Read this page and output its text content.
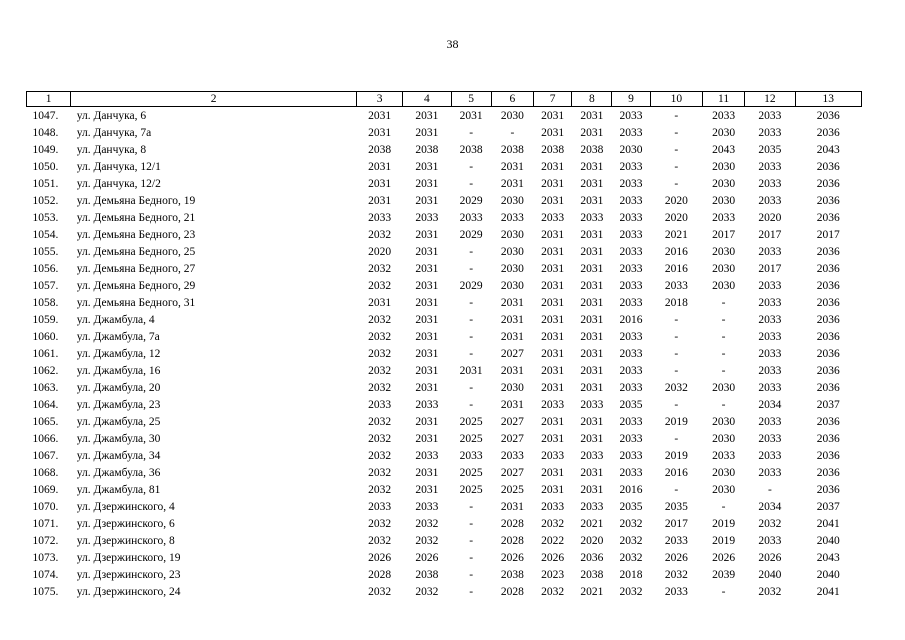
38
1	2	3	4	5	6	7	8	9	10	11	12	13
1047.	ул. Данчука, 6	2031	2031	2031	2030	2031	2031	2033	-	2033	2033	2036
1048.	ул. Данчука, 7а	2031	2031	-	-	2031	2031	2033	-	2030	2033	2036
1049.	ул. Данчука, 8	2038	2038	2038	2038	2038	2038	2030	-	2043	2035	2043
1050.	ул. Данчука, 12/1	2031	2031	-	2031	2031	2031	2033	-	2030	2033	2036
1051.	ул. Данчука, 12/2	2031	2031	-	2031	2031	2031	2033	-	2030	2033	2036
1052.	ул. Демьяна Бедного, 19	2031	2031	2029	2030	2031	2031	2033	2020	2030	2033	2036
1053.	ул. Демьяна Бедного, 21	2033	2033	2033	2033	2033	2033	2033	2020	2033	2020	2036
1054.	ул. Демьяна Бедного, 23	2032	2031	2029	2030	2031	2031	2033	2021	2017	2017	2017
1055.	ул. Демьяна Бедного, 25	2020	2031	-	2030	2031	2031	2033	2016	2030	2033	2036
1056.	ул. Демьяна Бедного, 27	2032	2031	-	2030	2031	2031	2033	2016	2030	2017	2036
1057.	ул. Демьяна Бедного, 29	2032	2031	2029	2030	2031	2031	2033	2033	2030	2033	2036
1058.	ул. Демьяна Бедного, 31	2031	2031	-	2031	2031	2031	2033	2018	-	2033	2036
1059.	ул. Джамбула, 4	2032	2031	-	2031	2031	2031	2016	-	-	2033	2036
1060.	ул. Джамбула, 7а	2032	2031	-	2031	2031	2031	2033	-	-	2033	2036
1061.	ул. Джамбула, 12	2032	2031	-	2027	2031	2031	2033	-	-	2033	2036
1062.	ул. Джамбула, 16	2032	2031	2031	2031	2031	2031	2033	-	-	2033	2036
1063.	ул. Джамбула, 20	2032	2031	-	2030	2031	2031	2033	2032	2030	2033	2036
1064.	ул. Джамбула, 23	2033	2033	-	2031	2033	2033	2035	-	-	2034	2037
1065.	ул. Джамбула, 25	2032	2031	2025	2027	2031	2031	2033	2019	2030	2033	2036
1066.	ул. Джамбула, 30	2032	2031	2025	2027	2031	2031	2033	-	2030	2033	2036
1067.	ул. Джамбула, 34	2032	2033	2033	2033	2033	2033	2033	2019	2033	2033	2036
1068.	ул. Джамбула, 36	2032	2031	2025	2027	2031	2031	2033	2016	2030	2033	2036
1069.	ул. Джамбула, 81	2032	2031	2025	2025	2031	2031	2016	-	2030	-	2036
1070.	ул. Дзержинского, 4	2033	2033	-	2031	2033	2033	2035	2035	-	2034	2037
1071.	ул. Дзержинского, 6	2032	2032	-	2028	2032	2021	2032	2017	2019	2032	2041
1072.	ул. Дзержинского, 8	2032	2032	-	2028	2022	2020	2032	2033	2019	2033	2040
1073.	ул. Дзержинского, 19	2026	2026	-	2026	2026	2036	2032	2026	2026	2026	2043
1074.	ул. Дзержинского, 23	2028	2038	-	2038	2023	2038	2018	2032	2039	2040	2040
1075.	ул. Дзержинского, 24	2032	2032	-	2028	2032	2021	2032	2033	-	2032	2041
